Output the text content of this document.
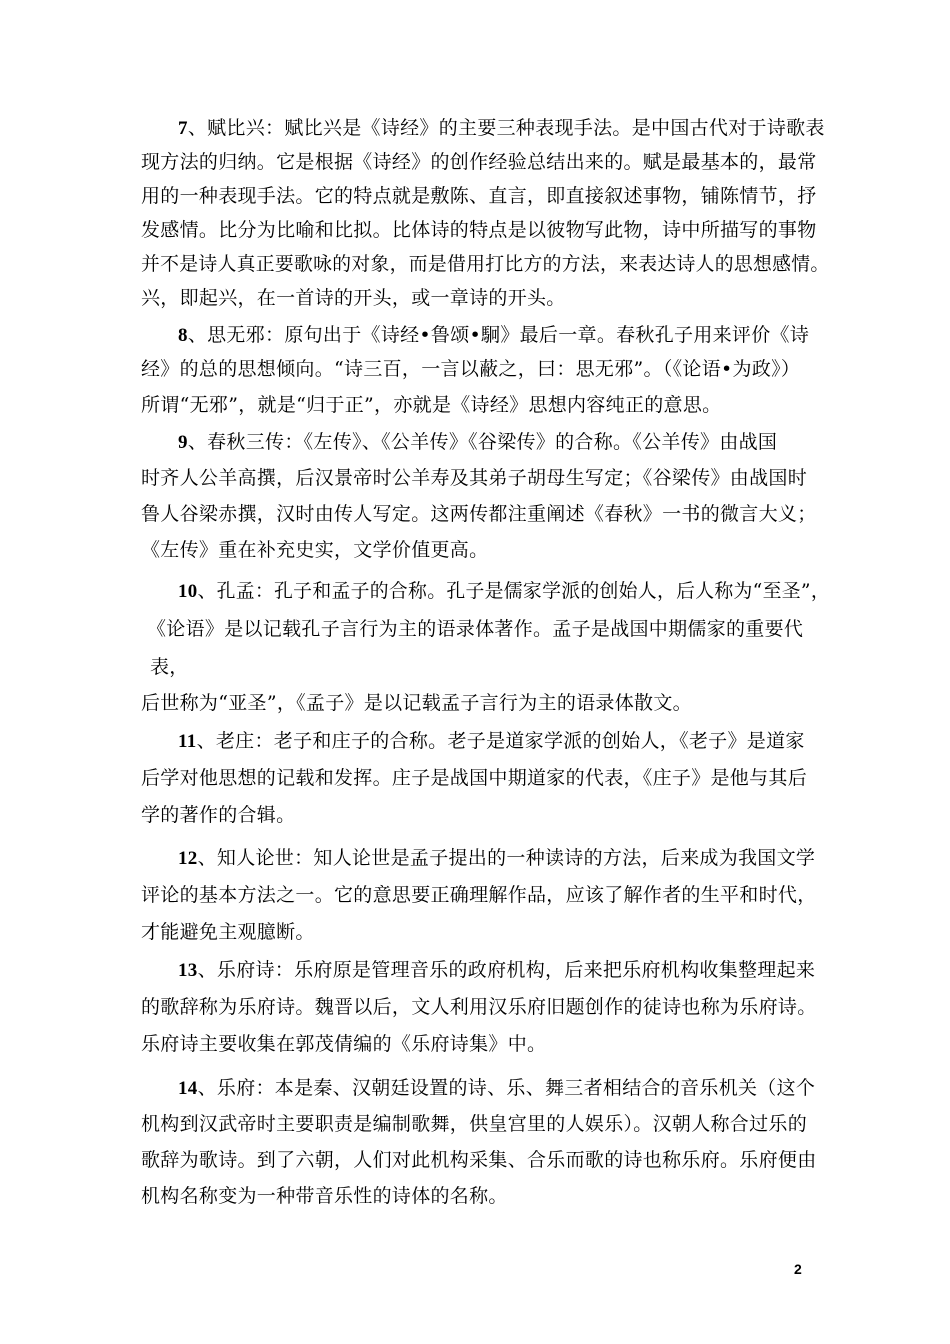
7、赋比兴：赋比兴是《诗经》的主要三种表现手法。是中国古代对于诗歌表
现方法的归纳。它是根据《诗经》的创作经验总结出来的。赋是最基本的，最常
用的一种表现手法。它的特点就是敷陈、直言，即直接叙述事物，铺陈情节，抒
发感情。比分为比喻和比拟。比体诗的特点是以彼物写此物，诗中所描写的事物
并不是诗人真正要歌咏的对象，而是借用打比方的方法，来表达诗人的思想感情。
兴，即起兴，在一首诗的开头，或一章诗的开头。
8、思无邪：原句出于《诗经•鲁颂•駉》最后一章。春秋孔子用来评价《诗
经》的总的思想倾向。“诗三百，一言以蔽之，曰：思无邪”。（《论语•为政》）
所谓“无邪”，就是“归于正”，亦就是《诗经》思想内容纯正的意思。
9、春秋三传：《左传》、《公羊传》《谷梁传》的合称。《公羊传》由战国
时齐人公羊高撰，后汉景帝时公羊寿及其弟子胡母生写定；《谷梁传》由战国时
鲁人谷梁赤撰，汉时由传人写定。这两传都注重阐述《春秋》一书的微言大义；
《左传》重在补充史实，文学价值更高。
10、孔孟：孔子和孟子的合称。孔子是儒家学派的创始人，后人称为“至圣”，
《论语》是以记载孔子言行为主的语录体著作。孟子是战国中期儒家的重要代
表，
后世称为“亚圣”，《孟子》是以记载孟子言行为主的语录体散文。
11、老庄：老子和庄子的合称。老子是道家学派的创始人，《老子》是道家
后学对他思想的记载和发挥。庄子是战国中期道家的代表，《庄子》是他与其后
学的著作的合辑。
12、知人论世：知人论世是孟子提出的一种读诗的方法，后来成为我国文学
评论的基本方法之一。它的意思要正确理解作品，应该了解作者的生平和时代，
才能避免主观臆断。
13、乐府诗：乐府原是管理音乐的政府机构，后来把乐府机构收集整理起来
的歌辞称为乐府诗。魏晋以后，文人利用汉乐府旧题创作的徒诗也称为乐府诗。
乐府诗主要收集在郭茂倩编的《乐府诗集》中。
14、乐府：本是秦、汉朝廷设置的诗、乐、舞三者相结合的音乐机关（这个
机构到汉武帝时主要职责是编制歌舞，供皇宫里的人娱乐）。汉朝人称合过乐的
歌辞为歌诗。到了六朝，人们对此机构采集、合乐而歌的诗也称乐府。乐府便由
机构名称变为一种带音乐性的诗体的名称。
2
